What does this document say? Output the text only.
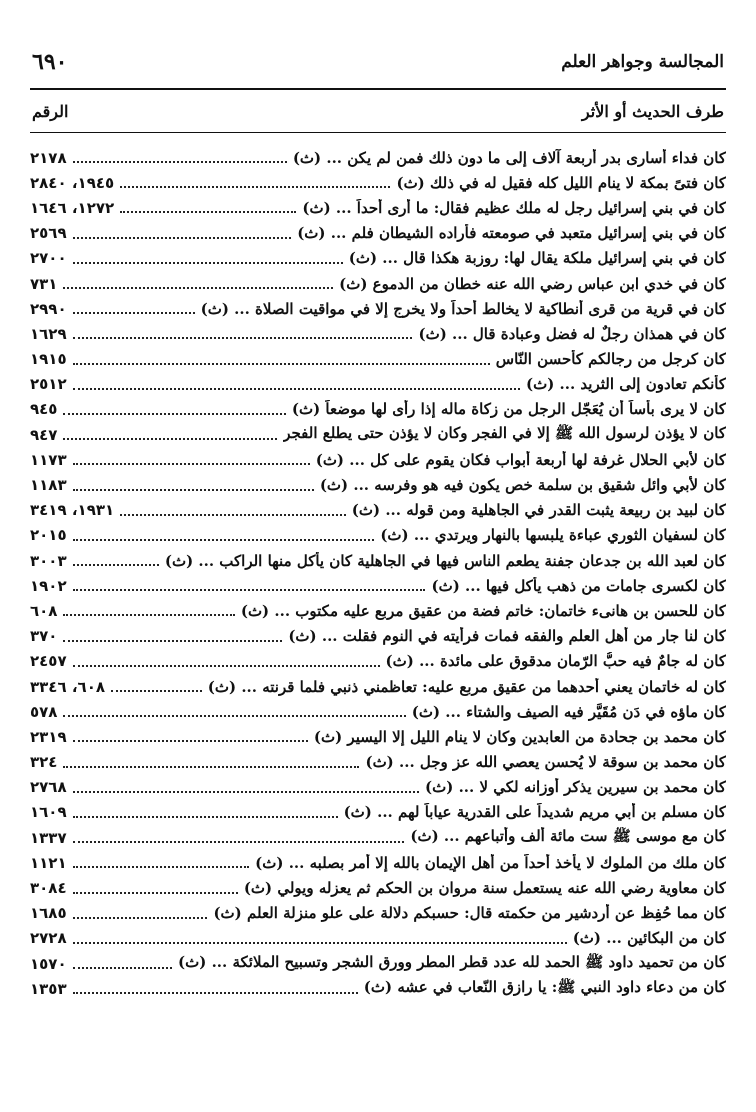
المجالسة وجواهر العلم
٦٩٠
طرف الحديث أو الأثر
الرقم
كان فداء أسارى بدر أربعة آلاف إلى ما دون ذلك فمن لم يكن ... (ث)
٢١٧٨
كان فتىً بمكة لا ينام الليل كله فقيل له في ذلك (ث)
١٩٤٥، ٢٨٤٠
كان في بني إسرائيل رجل له ملك عظيم فقال: ما أرى أحداً ... (ث)
١٢٧٢، ١٦٤٦
كان في بني إسرائيل متعبد في صومعته فأراده الشيطان فلم ... (ث)
٢٥٦٩
كان في بني إسرائيل ملكة يقال لها: روزبة هكذا قال ... (ث)
٢٧٠٠
كان في خدي ابن عباس رضي الله عنه خطان من الدموع (ث)
٧٣١
كان في قرية من قرى أنطاكية لا يخالط أحداً ولا يخرج إلا في مواقيت الصلاة ... (ث)
٢٩٩٠
كان في همذان رجلٌ له فضل وعبادة قال ... (ث)
١٦٢٩
كان كرجل من رجالكم كأحسن النّاس
١٩١٥
كأنكم تعادون إلى الثريد ... (ث)
٢٥١٢
كان لا يرى بأساً أن يُعَجّل الرجل من زكاة ماله إذا رأى لها موضعاً (ث)
٩٤٥
كان لا يؤذن لرسول الله ﷺ إلا في الفجر وكان لا يؤذن حتى يطلع الفجر
٩٤٧
كان لأبي الحلال غرفة لها أربعة أبواب فكان يقوم على كل ... (ث)
١١٧٣
كان لأبي وائل شقيق بن سلمة خص يكون فيه هو وفرسه ... (ث)
١١٨٣
كان لبيد بن ربيعة يثبت القدر في الجاهلية ومن قوله ... (ث)
١٩٣١، ٣٤١٩
كان لسفيان الثوري عباءة يلبسها بالنهار ويرتدي ... (ث)
٢٠١٥
كان لعبد الله بن جدعان جفنة يطعم الناس فيها في الجاهلية كان يأكل منها الراكب ... (ث)
٣٠٠٣
كان لكسرى جامات من ذهب يأكل فيها ... (ث)
١٩٠٢
كان للحسن بن هانىء خاتمان: خاتم فضة من عقيق مربع عليه مكتوب ... (ث)
٦٠٨
كان لنا جار من أهل العلم والفقه فمات فرأيته في النوم فقلت ... (ث)
٣٧٠
كان له جامٌ فيه حبُّ الرّمان مدقوق على مائدة ... (ث)
٢٤٥٧
كان له خاتمان يعني أحدهما من عقيق مربع عليه: تعاظمني ذنبي فلما قرنته ... (ث)
٦٠٨، ٣٣٤٦
كان ماؤه في دَن مُقَيَّر فيه الصيف والشتاء ... (ث)
٥٧٨
كان محمد بن جحادة من العابدين وكان لا ينام الليل إلا اليسير (ث)
٢٣١٩
كان محمد بن سوقة لا يُحسن يعصي الله عز وجل ... (ث)
٣٢٤
كان محمد بن سيرين يذكر أوزانه لكي لا ... (ث)
٢٧٦٨
كان مسلم بن أبي مريم شديداً على القدرية عياباً لهم ... (ث)
١٦٠٩
كان مع موسى ﷺ ست مائة ألف وأتباعهم ... (ث)
١٣٣٧
كان ملك من الملوك لا يأخذ أحداً من أهل الإيمان بالله إلا أمر بصلبه ... (ث)
١١٢١
كان معاوية رضي الله عنه يستعمل سنة مروان بن الحكم ثم يعزله ويولي (ث)
٣٠٨٤
كان مما حُفِظ عن أردشير من حكمته قال: حسبكم دلالة على علو منزلة العلم (ث)
١٦٨٥
كان من البكائين ... (ث)
٢٧٢٨
كان من تحميد داود ﷺ الحمد لله عدد قطر المطر وورق الشجر وتسبيح الملائكة ... (ث)
١٥٧٠
كان من دعاء داود النبي ﷺ: يا رازق النّعاب في عشه (ث)
١٣٥٣
